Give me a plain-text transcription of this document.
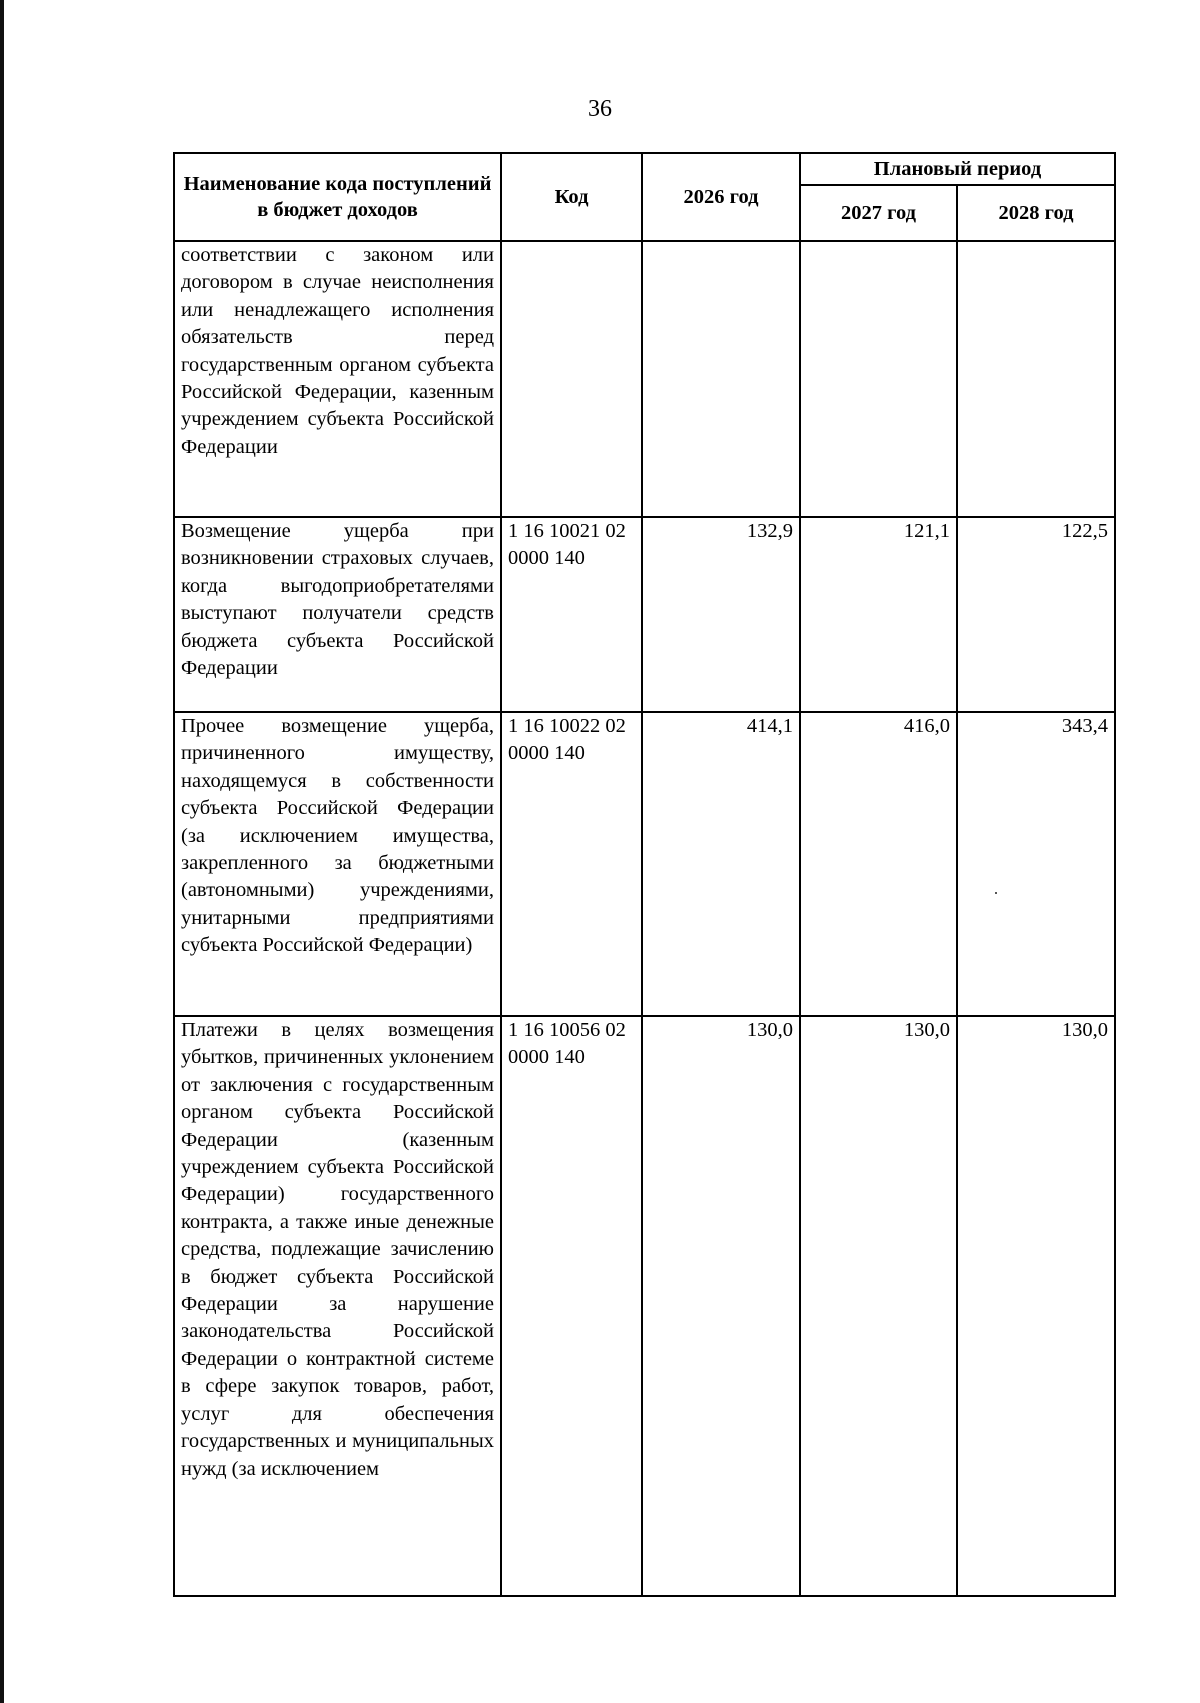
36
Наименование кода поступлений в бюджет доходов	Код	2026 год	Плановый период	
			2027 год	2028 год
соответствии с законом или договором в случае неисполнения или ненадлежащего исполнения обязательств перед государственным органом субъекта Российской Федерации, казенным учреждением субъекта Российской Федерации				
Возмещение ущерба при возникновении страховых случаев, когда выгодоприобретателями выступают получатели средств бюджета субъекта Российской Федерации	1 16 10021 02 0000 140	132,9	121,1	122,5
Прочее возмещение ущерба, причиненного имуществу, находящемуся в собственности субъекта Российской Федерации (за исключением имущества, закрепленного за бюджетными (автономными) учреждениями, унитарными предприятиями субъекта Российской Федерации)	1 16 10022 02 0000 140	414,1	416,0	343,4
Платежи в целях возмещения убытков, причиненных уклонением от заключения с государственным органом субъекта Российской Федерации (казенным учреждением субъекта Российской Федерации) государственного контракта, а также иные денежные средства, подлежащие зачислению в бюджет субъекта Российской Федерации за нарушение законодательства Российской Федерации о контрактной системе в сфере закупок товаров, работ, услуг для обеспечения государственных и муниципальных нужд (за исключением	1 16 10056 02 0000 140	130,0	130,0	130,0
